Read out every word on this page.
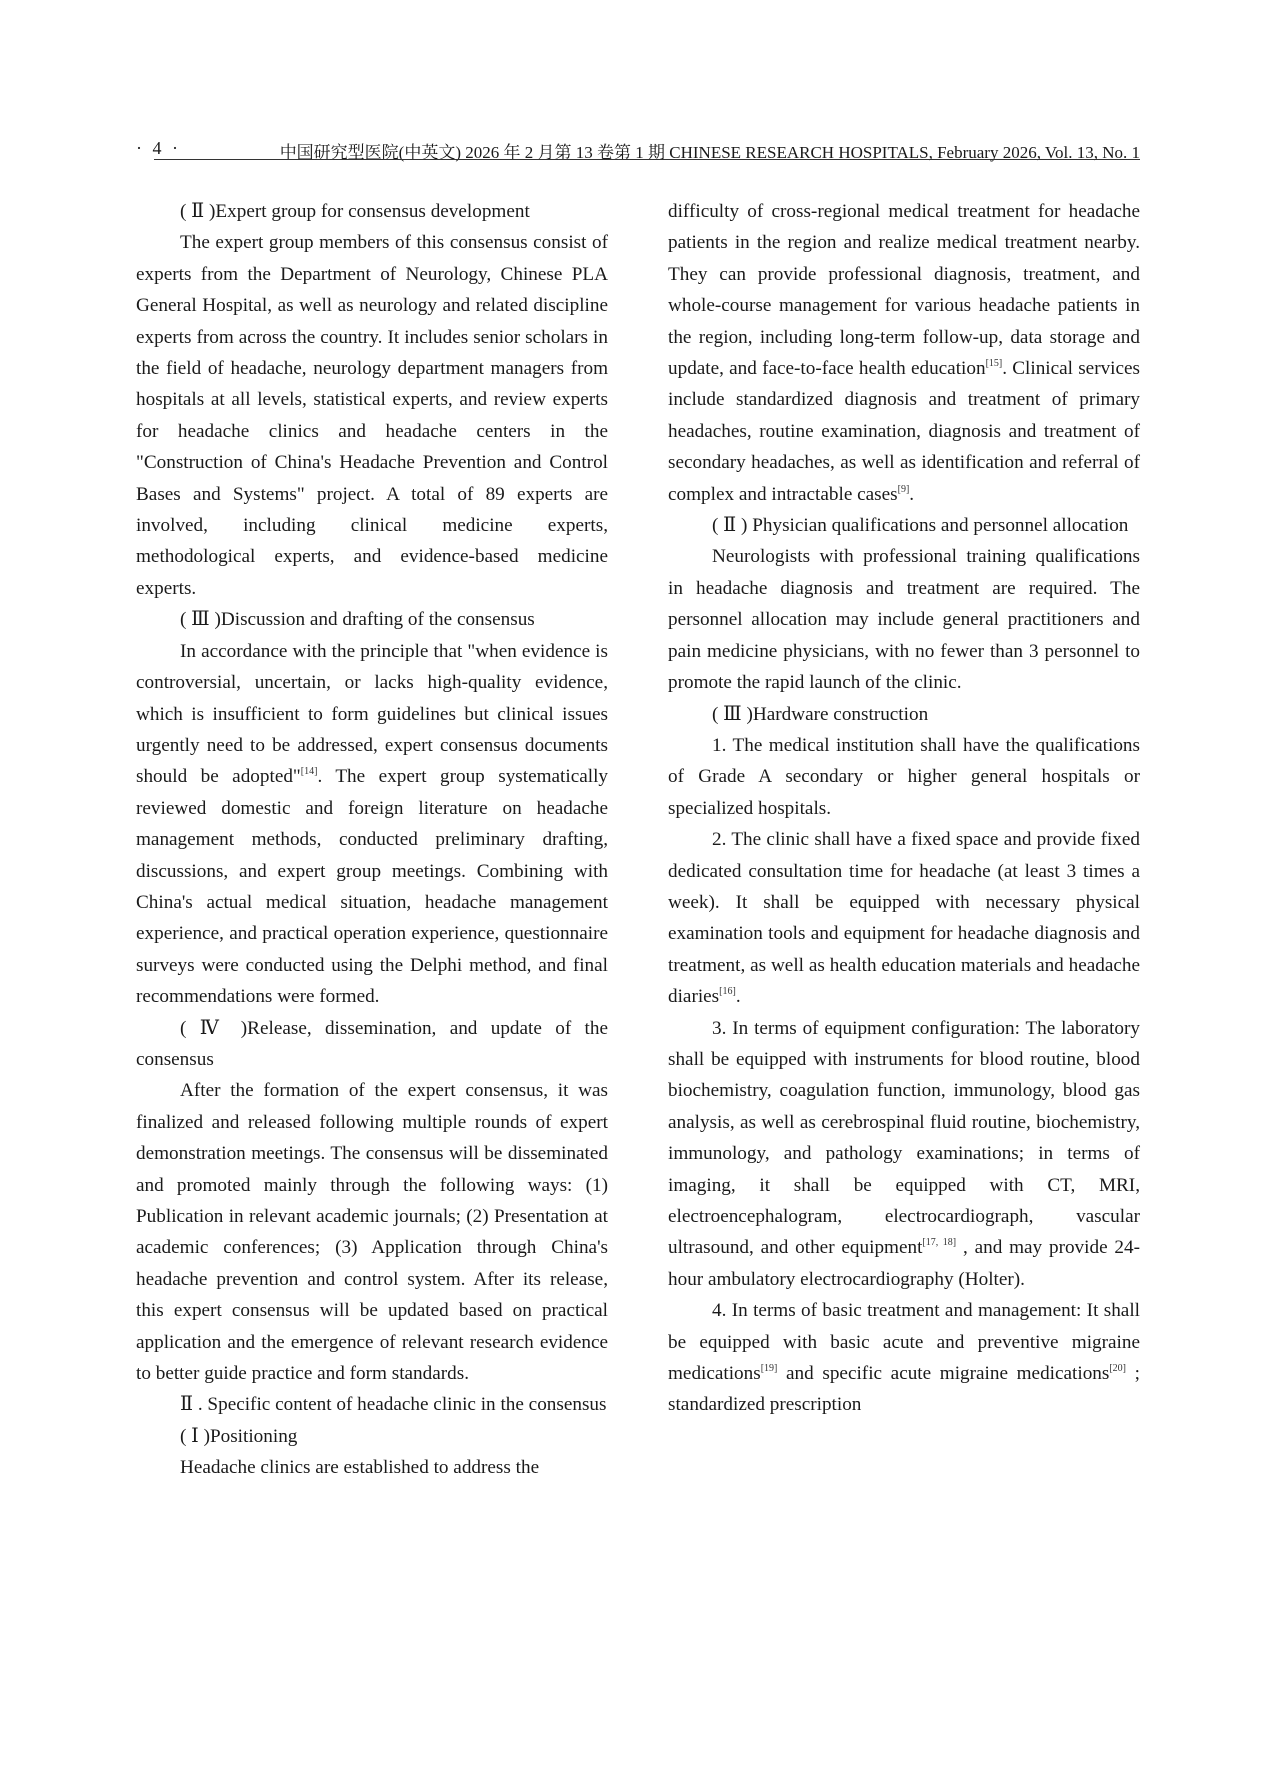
· 4 ·	中国研究型医院(中英文) 2026 年 2 月第 13 卷第 1 期 CHINESE RESEARCH HOSPITALS, February 2026, Vol. 13, No. 1

( Ⅱ )Expert group for consensus development

The expert group members of this consensus consist of experts from the Department of Neurology, Chinese PLA General Hospital, as well as neurology and related discipline experts from across the country. It includes senior scholars in the field of headache, neurology department managers from hospitals at all levels, statistical experts, and review experts for headache clinics and headache centers in the "Construction of China's Headache Prevention and Control Bases and Systems" project. A total of 89 experts are involved, including clinical medicine experts, methodological experts, and evidence-based medicine experts.

( Ⅲ )Discussion and drafting of the consensus

In accordance with the principle that "when evidence is controversial, uncertain, or lacks high-quality evidence, which is insufficient to form guidelines but clinical issues urgently need to be addressed, expert consensus documents should be adopted"[14]. The expert group systematically reviewed domestic and foreign literature on headache management methods, conducted preliminary drafting, discussions, and expert group meetings. Combining with China's actual medical situation, headache management experience, and practical operation experience, questionnaire surveys were conducted using the Delphi method, and final recommendations were formed.

( Ⅳ )Release, dissemination, and update of the consensus

After the formation of the expert consensus, it was finalized and released following multiple rounds of expert demonstration meetings. The consensus will be disseminated and promoted mainly through the following ways: (1) Publication in relevant academic journals; (2) Presentation at academic conferences; (3) Application through China's headache prevention and control system. After its release, this expert consensus will be updated based on practical application and the emergence of relevant research evidence to better guide practice and form standards.

Ⅱ . Specific content of headache clinic in the consensus

( Ⅰ )Positioning

Headache clinics are established to address the

difficulty of cross-regional medical treatment for headache patients in the region and realize medical treatment nearby. They can provide professional diagnosis, treatment, and whole-course management for various headache patients in the region, including long-term follow-up, data storage and update, and face-to-face health education[15]. Clinical services include standardized diagnosis and treatment of primary headaches, routine examination, diagnosis and treatment of secondary headaches, as well as identification and referral of complex and intractable cases[9].

( Ⅱ ) Physician qualifications and personnel allocation

Neurologists with professional training qualifications in headache diagnosis and treatment are required. The personnel allocation may include general practitioners and pain medicine physicians, with no fewer than 3 personnel to promote the rapid launch of the clinic.

( Ⅲ )Hardware construction

1. The medical institution shall have the qualifications of Grade A secondary or higher general hospitals or specialized hospitals.

2. The clinic shall have a fixed space and provide fixed dedicated consultation time for headache (at least 3 times a week). It shall be equipped with necessary physical examination tools and equipment for headache diagnosis and treatment, as well as health education materials and headache diaries[16].

3. In terms of equipment configuration: The laboratory shall be equipped with instruments for blood routine, blood biochemistry, coagulation function, immunology, blood gas analysis, as well as cerebrospinal fluid routine, biochemistry, immunology, and pathology examinations; in terms of imaging, it shall be equipped with CT, MRI, electroencephalogram, electrocardiograph, vascular ultrasound, and other equipment[17, 18] , and may provide 24-hour ambulatory electrocardiography (Holter).

4. In terms of basic treatment and management: It shall be equipped with basic acute and preventive migraine medications[19] and specific acute migraine medications[20] ; standardized prescription
